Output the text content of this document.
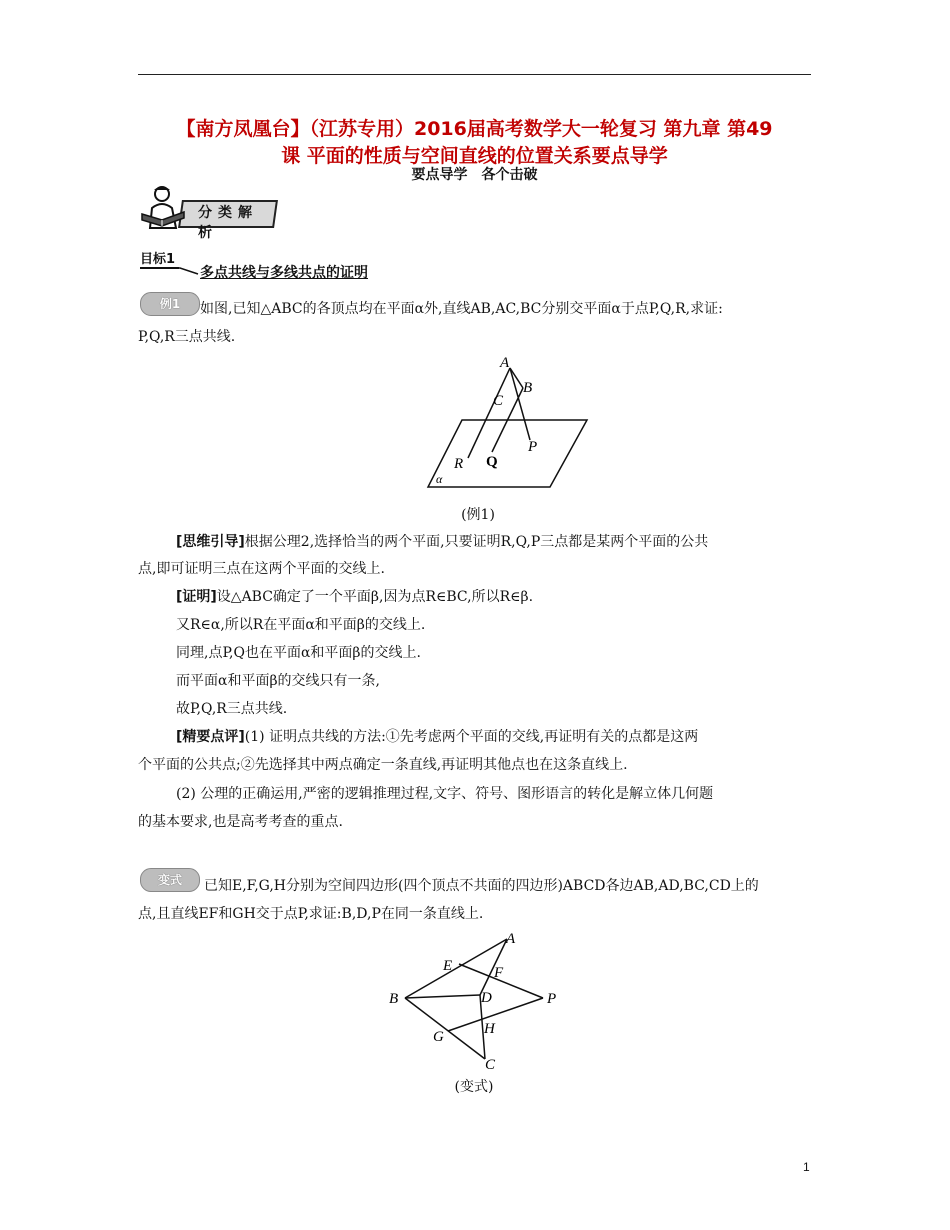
【南方凤凰台】（江苏专用）2016届高考数学大一轮复习 第九章 第49
课 平面的性质与空间直线的位置关系要点导学
要点导学　各个击破
分类解析
目标1
多点共线与多线共点的证明
例1	如图,已知△ABC的各顶点均在平面α外,直线AB,AC,BC分别交平面α于点P,Q,R,求证:
P,Q,R三点共线.
A
B
C
P
Q
R
α
(例1)
[思维引导]根据公理2,选择恰当的两个平面,只要证明R,Q,P三点都是某两个平面的公共
点,即可证明三点在这两个平面的交线上.
[证明]设△ABC确定了一个平面β,因为点R∈BC,所以R∈β.
又R∈α,所以R在平面α和平面β的交线上.
同理,点P,Q也在平面α和平面β的交线上.
而平面α和平面β的交线只有一条,
故P,Q,R三点共线.
[精要点评](1) 证明点共线的方法:①先考虑两个平面的交线,再证明有关的点都是这两
个平面的公共点;②先选择其中两点确定一条直线,再证明其他点也在这条直线上.
(2) 公理的正确运用,严密的逻辑推理过程,文字、符号、图形语言的转化是解立体几何题
的基本要求,也是高考考查的重点.
变式	已知E,F,G,H分别为空间四边形(四个顶点不共面的四边形)ABCD各边AB,AD,BC,CD上的
点,且直线EF和GH交于点P,求证:B,D,P在同一条直线上.
A
B
C
D
E	F
G	H
P
(变式)
1
